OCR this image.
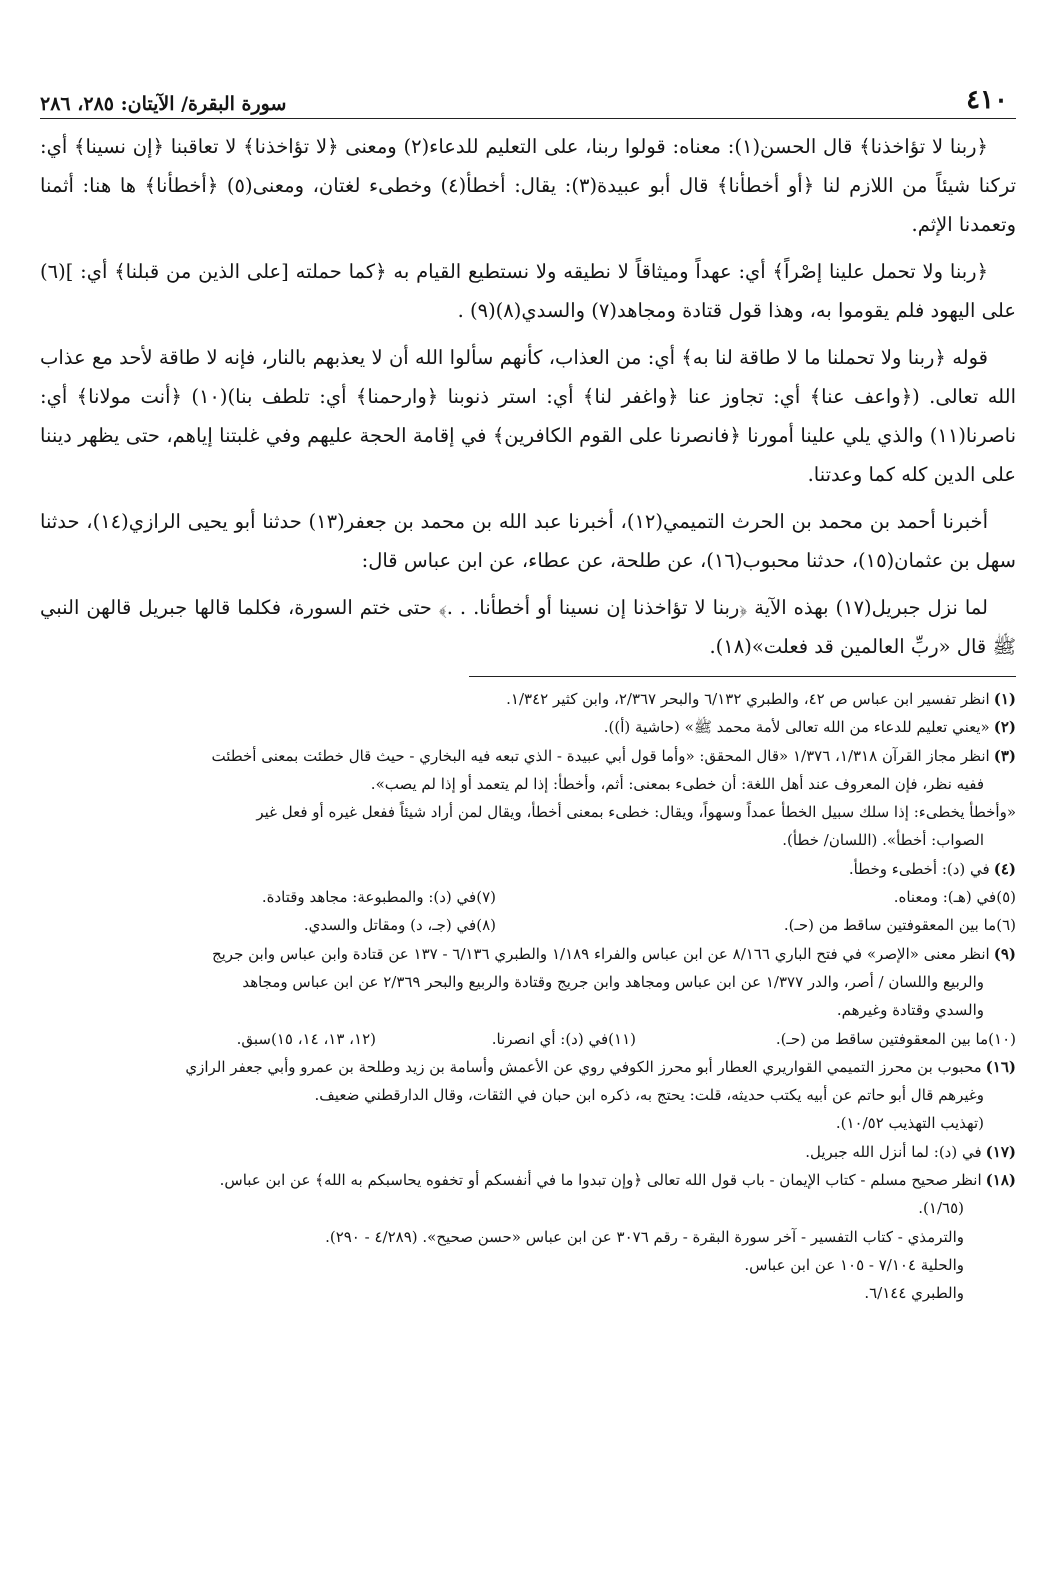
٤١٠
سورة البقرة/ الآيتان: ٢٨٥، ٢٨٦

﴿ربنا لا تؤاخذنا﴾ قال الحسن(١): معناه: قولوا ربنا، على التعليم للدعاء(٢) ومعنى ﴿لا تؤاخذنا﴾ لا تعاقبنا ﴿إن نسينا﴾ أي: تركنا شيئاً من اللازم لنا ﴿أو أخطأنا﴾ قال أبو عبيدة(٣): يقال: أخطأ(٤) وخطىء لغتان، ومعنى(٥) ﴿أخطأنا﴾ ها هنا: أثمنا وتعمدنا الإثم.

﴿ربنا ولا تحمل علينا إصْراً﴾ أي: عهداً وميثاقاً لا نطيقه ولا نستطيع القيام به ﴿كما حملته [على الذين من قبلنا﴾ أي: ](٦) على اليهود فلم يقوموا به، وهذا قول قتادة ومجاهد(٧) والسدي(٨)(٩) .

قوله ﴿ربنا ولا تحملنا ما لا طاقة لنا به﴾ أي: من العذاب، كأنهم سألوا الله أن لا يعذبهم بالنار، فإنه لا طاقة لأحد مع عذاب الله تعالى. (﴿واعف عنا﴾ أي: تجاوز عنا ﴿واغفر لنا﴾ أي: استر ذنوبنا ﴿وارحمنا﴾ أي: تلطف بنا)(١٠) ﴿أنت مولانا﴾ أي: ناصرنا(١١) والذي يلي علينا أمورنا ﴿فانصرنا على القوم الكافرين﴾ في إقامة الحجة عليهم وفي غلبتنا إياهم، حتى يظهر ديننا على الدين كله كما وعدتنا.

أخبرنا أحمد بن محمد بن الحرث التميمي(١٢)، أخبرنا عبد الله بن محمد بن جعفر(١٣) حدثنا أبو يحيى الرازي(١٤)، حدثنا سهل بن عثمان(١٥)، حدثنا محبوب(١٦)، عن طلحة، عن عطاء، عن ابن عباس قال:

لما نزل جبريل(١٧) بهذه الآية ﴿ربنا لا تؤاخذنا إن نسينا أو أخطأنا. . .﴾ حتى ختم السورة، فكلما قالها جبريل قالهن النبي ﷺ قال «ربِّ العالمين قد فعلت»(١٨).

(١)انظر تفسير ابن عباس ص ٤٢، والطبري ٦/١٣٢ والبحر ٢/٣٦٧، وابن كثير ١/٣٤٢.

(٢)«يعني تعليم للدعاء من الله تعالى لأمة محمد ﷺ» (حاشية (أ)).

(٣)انظر مجاز القرآن ١/٣١٨، ١/٣٧٦ «قال المحقق: «وأما قول أبي عبيدة - الذي تبعه فيه البخاري - حيث قال خطئت بمعنى أخطئت

ففيه نظر، فإن المعروف عند أهل اللغة: أن خطىء بمعنى: أثم، وأخطأ: إذا لم يتعمد أو إذا لم يصب».

«وأخطأ يخطىء: إذا سلك سبيل الخطأ عمداً وسهواً، ويقال: خطىء بمعنى أخطأ، ويقال لمن أراد شيئاً ففعل غيره أو فعل غير

الصواب: أخطأ». (اللسان/ خطأ).

(٤)في (د): أخطىء وخطأ.

(٥)في (هـ): ومعناه.
(٧)في (د): والمطبوعة: مجاهد وقتادة.
(٦)ما بين المعقوفتين ساقط من (حـ).
(٨)في (جـ، د) ومقاتل والسدي.

(٩)انظر معنى «الإصر» في فتح الباري ٨/١٦٦ عن ابن عباس والفراء ١/١٨٩ والطبري ٦/١٣٦ - ١٣٧ عن قتادة وابن عباس وابن جريج

والربيع واللسان / أصر، والدر ١/٣٧٧ عن ابن عباس ومجاهد وابن جريج وقتادة والربيع والبحر ٢/٣٦٩ عن ابن عباس ومجاهد

والسدي وقتادة وغيرهم.

(١٠)ما بين المعقوفتين ساقط من (حـ).
(١١)في (د): أي انصرنا.
(١٢، ١٣، ١٤، ١٥)سبق.

(١٦)محبوب بن محرز التميمي القواريري العطار أبو محرز الكوفي روي عن الأعمش وأسامة بن زيد وطلحة بن عمرو وأبي جعفر الرازي

وغيرهم قال أبو حاتم عن أبيه يكتب حديثه، قلت: يحتج به، ذكره ابن حبان في الثقات، وقال الدارقطني ضعيف.

(تهذيب التهذيب ١٠/٥٢).

(١٧)في (د): لما أنزل الله جبريل.

(١٨)انظر صحيح مسلم - كتاب الإيمان - باب قول الله تعالى ﴿وإن تبدوا ما في أنفسكم أو تخفوه يحاسبكم به الله﴾ عن ابن عباس.

(١/٦٥).

والترمذي - كتاب التفسير - آخر سورة البقرة - رقم ٣٠٧٦ عن ابن عباس «حسن صحيح». (٤/٢٨٩ - ٢٩٠).

والحلية ٧/١٠٤ - ١٠٥ عن ابن عباس.

والطبري ٦/١٤٤.
